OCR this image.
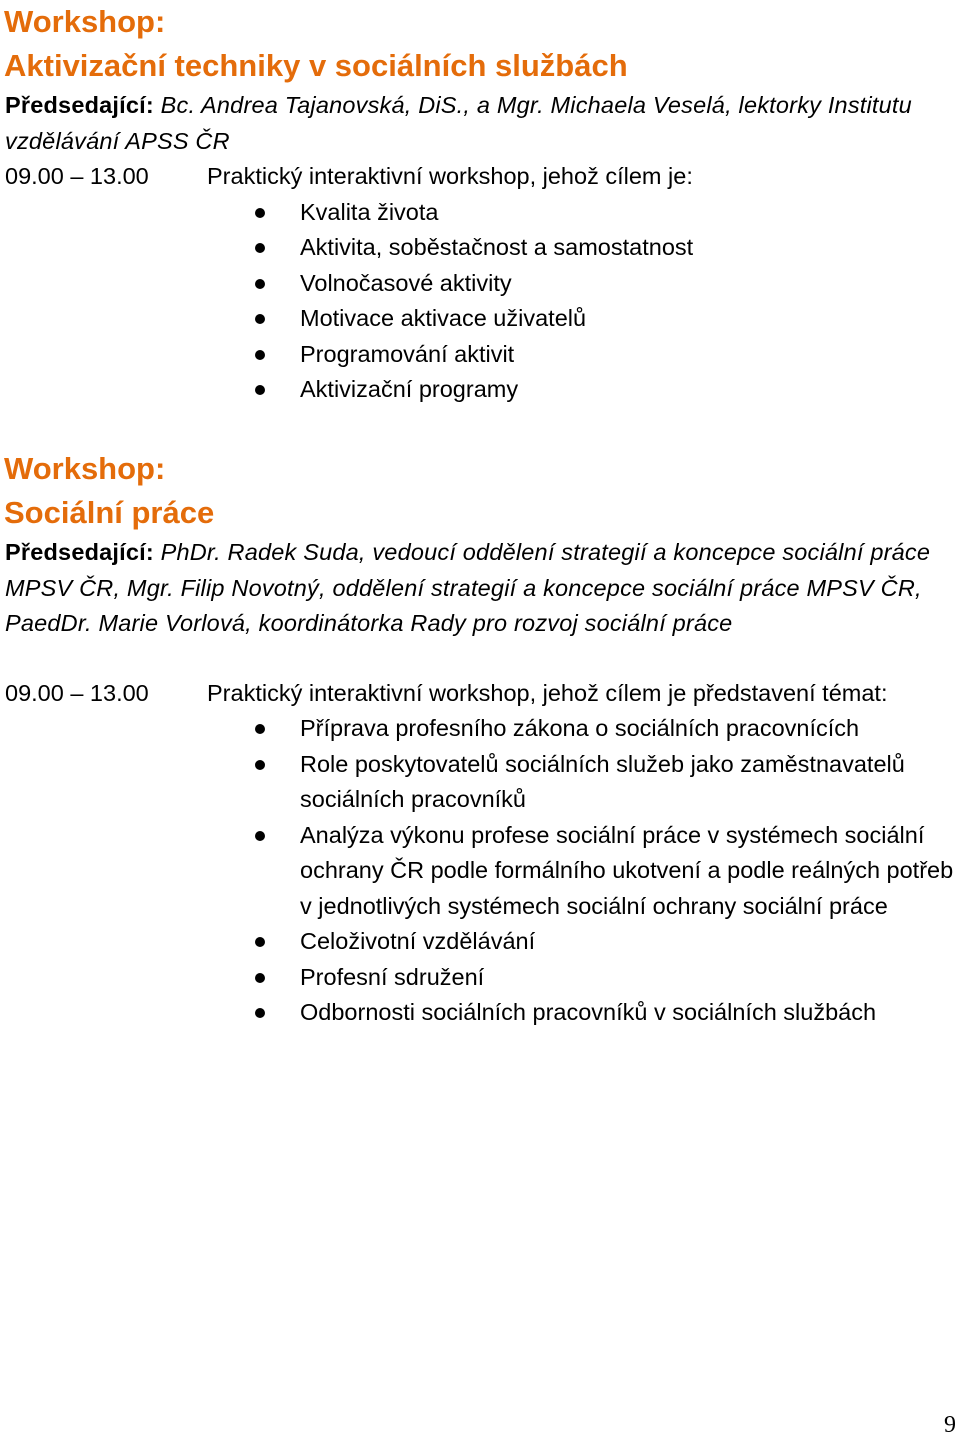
Workshop:
Aktivizační techniky v sociálních službách

Předsedající: Bc. Andrea Tajanovská, DiS., a Mgr. Michaela Veselá, lektorky Institutu vzdělávání APSS ČR

09.00 – 13.00 Praktický interaktivní workshop, jehož cílem je:
Kvalita života
Aktivita, soběstačnost a samostatnost
Volnočasové aktivity
Motivace aktivace uživatelů
Programování aktivit
Aktivizační programy
Workshop:
Sociální práce

Předsedající: PhDr. Radek Suda, vedoucí oddělení strategií a koncepce sociální práce MPSV ČR, Mgr. Filip Novotný, oddělení strategií a koncepce sociální práce MPSV ČR, PaedDr. Marie Vorlová, koordinátorka Rady pro rozvoj sociální práce

09.00 – 13.00 Praktický interaktivní workshop, jehož cílem je představení témat:
Příprava profesního zákona o sociálních pracovnících
Role poskytovatelů sociálních služeb jako zaměstnavatelů sociálních pracovníků
Analýza výkonu profese sociální práce v systémech sociální ochrany ČR podle formálního ukotvení a podle reálných potřeb v jednotlivých systémech sociální ochrany sociální práce
Celoživotní vzdělávání
Profesní sdružení
Odbornosti sociálních pracovníků v sociálních službách
9
